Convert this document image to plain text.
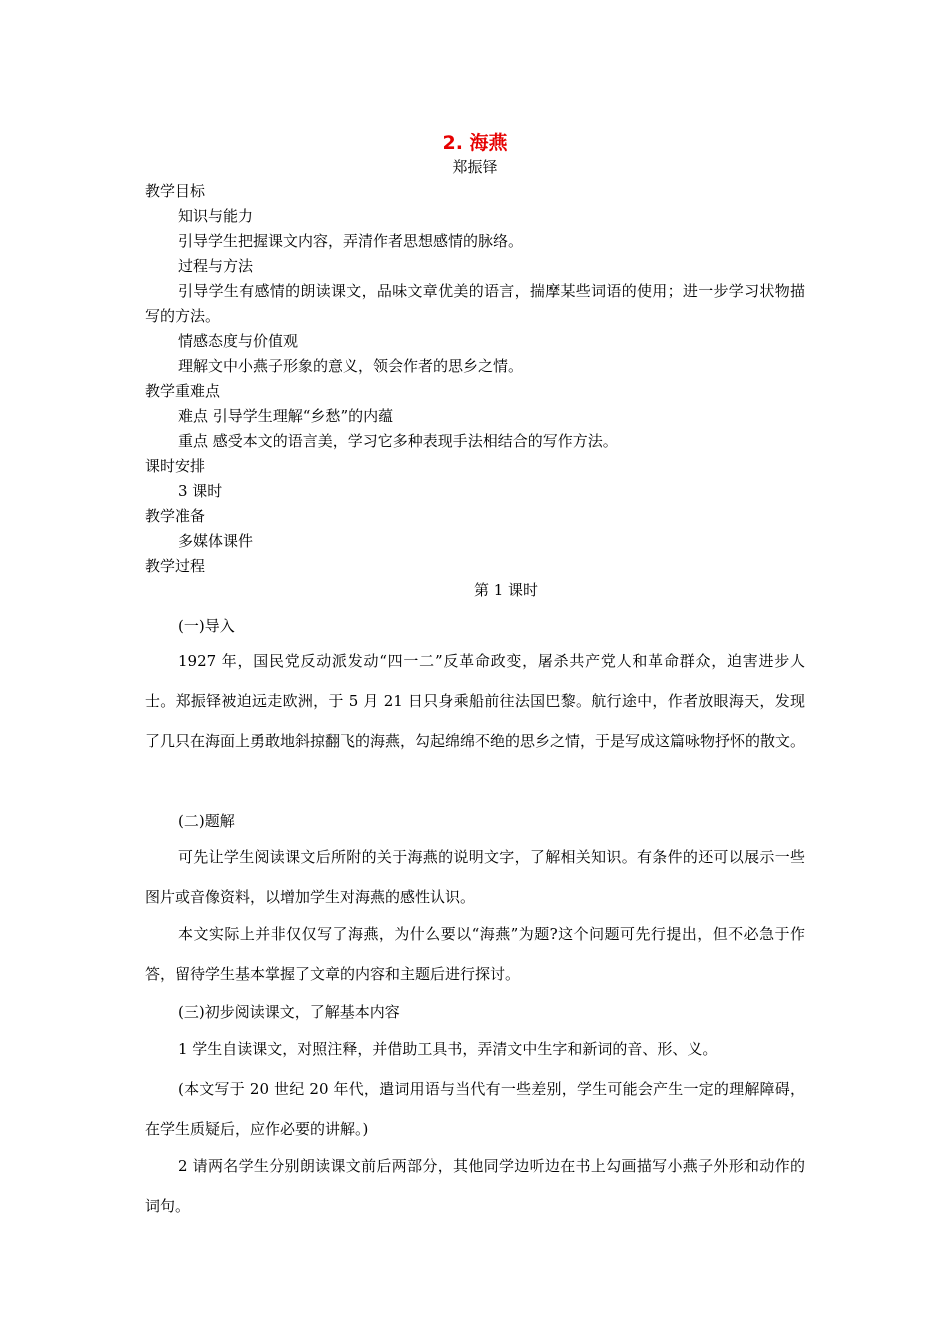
2. 海燕
郑振铎
教学目标
知识与能力
引导学生把握课文内容，弄清作者思想感情的脉络。
过程与方法
引导学生有感情的朗读课文，品味文章优美的语言，揣摩某些词语的使用；进一步学习状物描写的方法。
情感态度与价值观
理解文中小燕子形象的意义，领会作者的思乡之情。
教学重难点
难点 引导学生理解“乡愁”的内蕴
重点 感受本文的语言美，学习它多种表现手法相结合的写作方法。
课时安排
3 课时
教学准备
多媒体课件
教学过程
第 1 课时
(一)导入
1927 年，国民党反动派发动“四一二”反革命政变，屠杀共产党人和革命群众，迫害进步人士。郑振铎被迫远走欧洲，于 5 月 21 日只身乘船前往法国巴黎。航行途中，作者放眼海天，发现了几只在海面上勇敢地斜掠翻飞的海燕，勾起绵绵不绝的思乡之情，于是写成这篇咏物抒怀的散文。
(二)题解
可先让学生阅读课文后所附的关于海燕的说明文字，了解相关知识。有条件的还可以展示一些图片或音像资料，以增加学生对海燕的感性认识。
本文实际上并非仅仅写了海燕，为什么要以“海燕”为题?这个问题可先行提出，但不必急于作答，留待学生基本掌握了文章的内容和主题后进行探讨。
(三)初步阅读课文，了解基本内容
1 学生自读课文，对照注释，并借助工具书，弄清文中生字和新词的音、形、义。
(本文写于 20 世纪 20 年代，遣词用语与当代有一些差别，学生可能会产生一定的理解障碍，在学生质疑后，应作必要的讲解。)
2 请两名学生分别朗读课文前后两部分，其他同学边听边在书上勾画描写小燕子外形和动作的词句。
